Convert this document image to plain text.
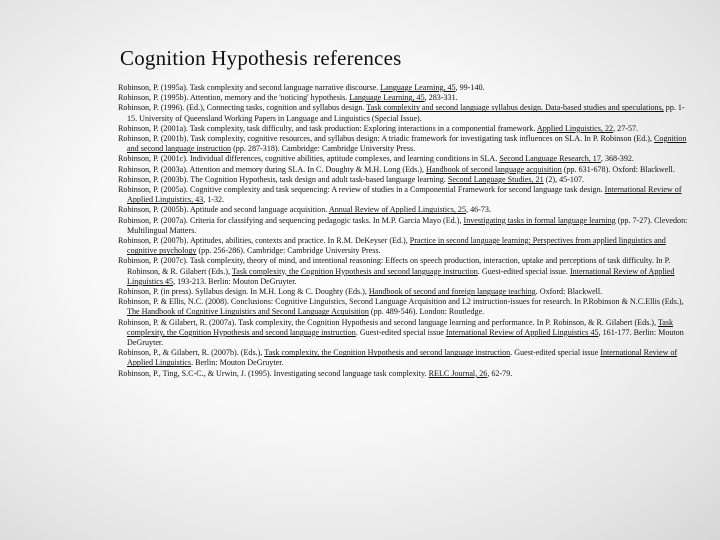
Cognition Hypothesis references

Robinson, P. (1995a). Task complexity and second language narrative discourse. Language Learning, 45, 99-140.

Robinson, P. (1995b). Attention, memory and the 'noticing' hypothesis. Language Learning, 45, 283-331.

Robinson, P. (1996). (Ed.), Connecting tasks, cognition and syllabus design. Task complexity and second language syllabus design. Data-based studies and speculations, pp. 1-15. University of Queensland Working Papers in Language and Linguistics (Special Issue).

Robinson, P. (2001a). Task complexity, task difficulty, and task production: Exploring interactions in a componential framework. Applied Linguistics, 22, 27-57.

Robinson, P. (2001b). Task complexity, cognitive resources, and syllabus design: A triadic framework for investigating task influences on SLA. In P. Robinson (Ed.), Cognition and second language instruction (pp. 287-318). Cambridge: Cambridge University Press.

Robinson, P. (2001c). Individual differences, cognitive abilities, aptitude complexes, and learning conditions in SLA. Second Language Research, 17, 368-392.

Robinson, P. (2003a). Attention and memory during SLA. In C. Doughty & M.H. Long (Eds.), Handbook of second language acquisition (pp. 631-678). Oxford: Blackwell.

Robinson, P. (2003b). The Cognition Hypothesis, task design and adult task-based language learning. Second Language Studies, 21 (2), 45-107.

Robinson, P. (2005a). Cognitive complexity and task sequencing: A review of studies in a Componential Framework for second language task design. International Review of Applied Linguistics, 43, 1-32.

Robinson, P. (2005b). Aptitude and second language acquisition. Annual Review of Applied Linguistics, 25, 46-73.

Robinson, P. (2007a). Criteria for classifying and sequencing pedagogic tasks. In M.P. Garcia Mayo (Ed.), Investigating tasks in formal language learning (pp. 7-27). Clevedon: Multilingual Matters.

Robinson, P. (2007b). Aptitudes, abilities, contexts and practice. In R.M. DeKeyser (Ed.), Practice in second language learning: Perspectives from applied linguistics and cognitive psychology (pp. 256-286). Cambridge: Cambridge University Press.

Robinson, P. (2007c). Task complexity, theory of mind, and intentional reasoning: Effects on speech production, interaction, uptake and perceptions of task difficulty. In P. Robinson, & R. Gilabert (Eds.), Task complexity, the Cognition Hypothesis and second language instruction. Guest-edited special issue. International Review of Applied Linguistics 45, 193-213. Berlin: Mouton DeGruyter.

Robinson, P. (in press). Syllabus design. In M.H. Long & C. Doughty (Eds.), Handbook of second and foreign language teaching. Oxford: Blackwell.

Robinson, P. & Ellis, N.C. (2008). Conclusions: Cognitive Linguistics, Second Language Acquisition and L2 instruction-issues for research. In P.Robinson & N.C.Ellis (Eds.), The Handbook of Cognitive Linguistics and Second Language Acquisition (pp. 489-546). London: Routledge.

Robinson, P. & Gilabert, R. (2007a). Task complexity, the Cognition Hypothesis and second language learning and performance. In P. Robinson, & R. Gilabert (Eds.), Task complexity, the Cognition Hypothesis and second language instruction. Guest-edited special issue International Review of Applied Linguistics 45, 161-177. Berlin: Mouton DeGruyter.

Robinson, P., & Gilabert, R. (2007b). (Eds.), Task complexity, the Cognition Hypothesis and second language instruction. Guest-edited special issue International Review of Applied Linguistics. Berlin: Mouton DeGruyter.

Robinson, P., Ting, S.C-C., & Urwin, J. (1995). Investigating second language task complexity. RELC Journal, 26, 62-79.
